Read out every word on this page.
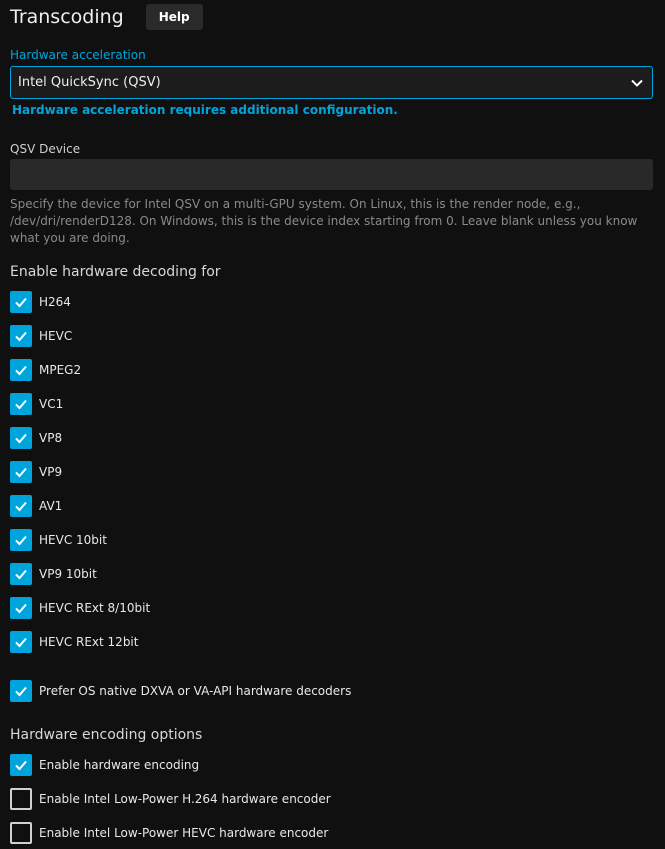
Transcoding	Help
Hardware acceleration
Intel QuickSync (QSV)
Hardware acceleration requires additional configuration.
QSV Device
Specify the device for Intel QSV on a multi-GPU system. On Linux, this is the render node, e.g., /dev/dri/renderD128. On Windows, this is the device index starting from 0. Leave blank unless you know what you are doing.
Enable hardware decoding for
H264
HEVC
MPEG2
VC1
VP8
VP9
AV1
HEVC 10bit
VP9 10bit
HEVC RExt 8/10bit
HEVC RExt 12bit
Prefer OS native DXVA or VA-API hardware decoders
Hardware encoding options
Enable hardware encoding
Enable Intel Low-Power H.264 hardware encoder
Enable Intel Low-Power HEVC hardware encoder
